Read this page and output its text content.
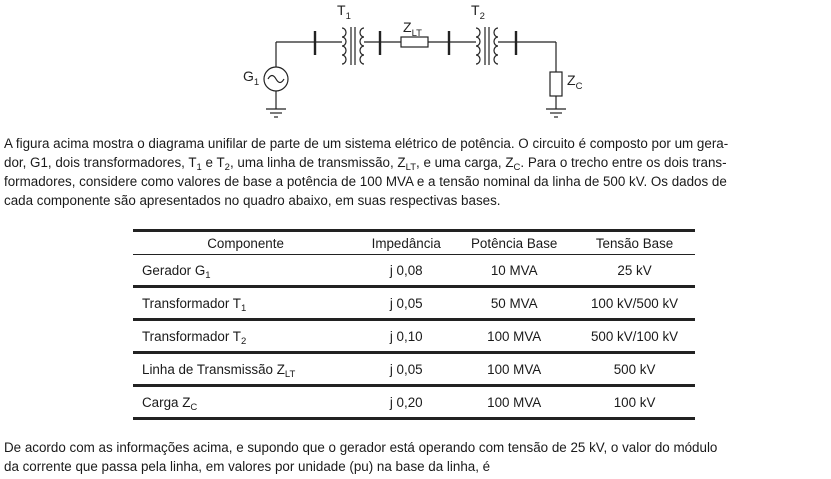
$T_1$	$T_2$
$Z_{LT}$
$G_1$	$Z_C$

A figura acima mostra o diagrama unifilar de parte de um sistema elétrico de potência. O circuito é composto por um gera-
dor, G1, dois transformadores, $T_1$ e $T_2$, uma linha de transmissão, $Z_{LT}$, e uma carga, $Z_C$. Para o trecho entre os dois trans-
formadores, considere como valores de base a potência de 100 MVA e a tensão nominal da linha de 500 kV. Os dados de
cada componente são apresentados no quadro abaixo, em suas respectivas bases.

Componente	Impedância	Potência Base	Tensão Base
Gerador $G_1$	j 0,08	10 MVA	25 kV
Transformador $T_1$	j 0,05	50 MVA	100 kV/500 kV
Transformador $T_2$	j 0,10	100 MVA	500 kV/100 kV
Linha de Transmissão $Z_{LT}$	j 0,05	100 MVA	500 kV
Carga $Z_C$	j 0,20	100 MVA	100 kV

De acordo com as informações acima, e supondo que o gerador está operando com tensão de 25 kV, o valor do módulo
da corrente que passa pela linha, em valores por unidade (pu) na base da linha, é
